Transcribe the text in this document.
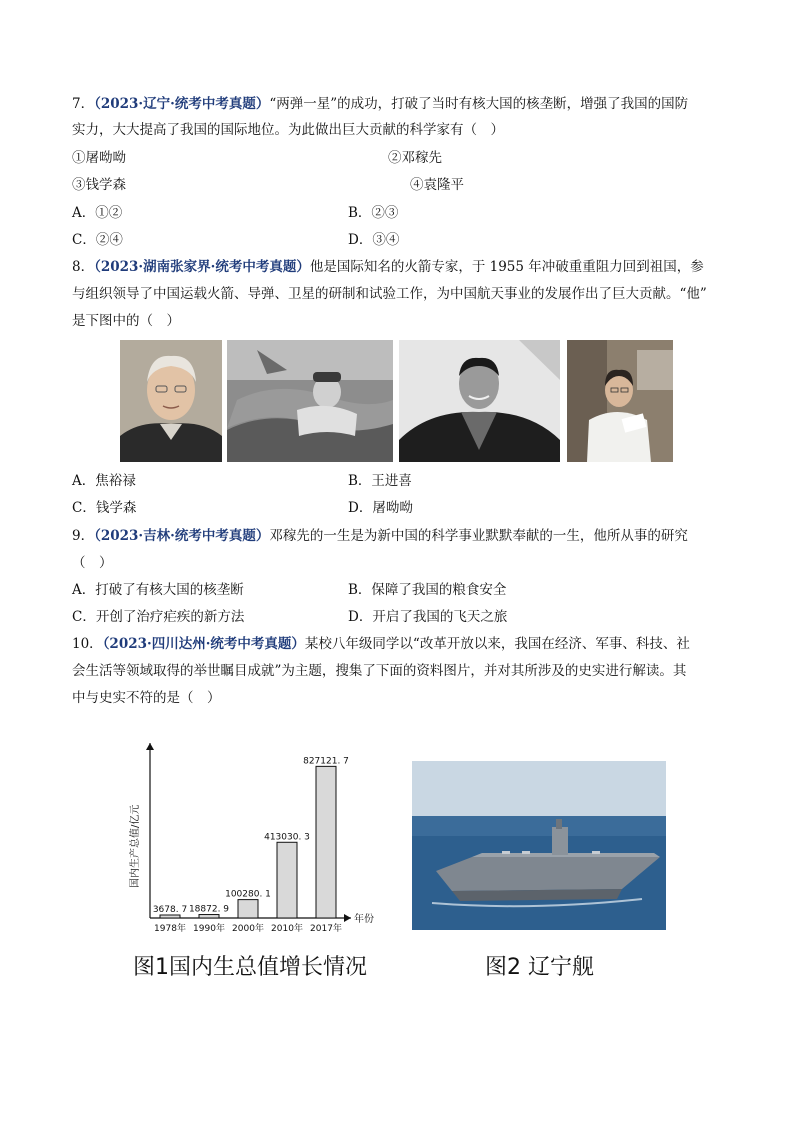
7．（2023·辽宁·统考中考真题）“两弹一星”的成功，打破了当时有核大国的核垄断，增强了我国的国防
实力，大大提高了我国的国际地位。为此做出巨大贡献的科学家有（　）
①屠呦呦	②邓稼先
③钱学森	④袁隆平
A．①②	B．②③
C．②④	D．③④
8．（2023·湖南张家界·统考中考真题）他是国际知名的火箭专家，于 1955 年冲破重重阻力回到祖国，参
与组织领导了中国运载火箭、导弹、卫星的研制和试验工作，为中国航天事业的发展作出了巨大贡献。“他”
是下图中的（　）
A．焦裕禄	B．王进喜
C．钱学森	D．屠呦呦
9．（2023·吉林·统考中考真题）邓稼先的一生是为新中国的科学事业默默奉献的一生，他所从事的研究
（　）
A．打破了有核大国的核垄断	B．保障了我国的粮食安全
C．开创了治疗疟疾的新方法	D．开启了我国的飞天之旅
10．（2023·四川达州·统考中考真题）某校八年级同学以“改革开放以来，我国在经济、军事、科技、社
会生活等领域取得的举世瞩目成就”为主题，搜集了下面的资料图片，并对其所涉及的史实进行解读。其
中与史实不符的是（　）
3678. 7
1978年
18872. 9
1990年
100280. 1
2000年
413030. 3
2010年
827121. 7
2017年
国内生产总值/亿元
年份
图1国内生总值增长情况	图2 辽宁舰
